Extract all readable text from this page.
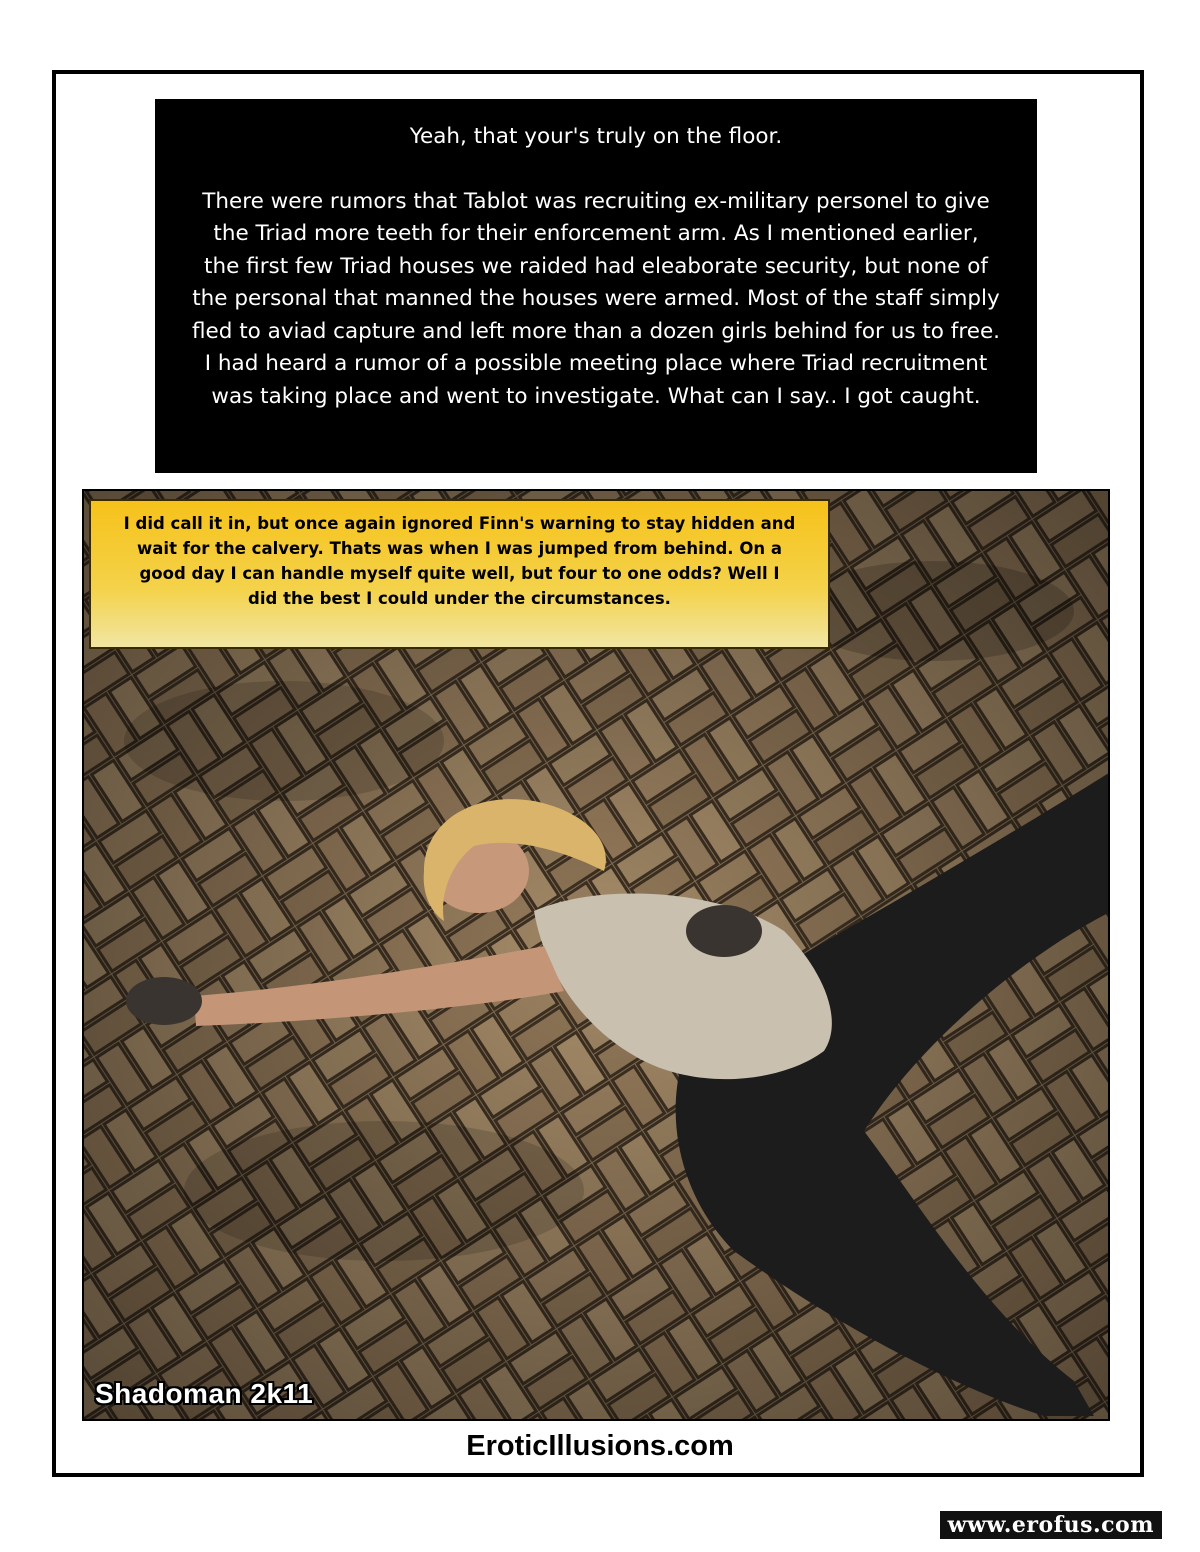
Yeah, that your's truly on the floor.

There were rumors that Tablot was recruiting ex-military personel to give

the Triad more teeth for their enforcement arm. As I mentioned earlier,

the first few Triad houses we raided had eleaborate security, but none of

the personal that manned the houses were armed. Most of the staff simply

fled to aviad capture and left more than a dozen girls behind for us to free.

I had heard a rumor of a possible meeting place where Triad recruitment

was taking place and went to investigate. What can I say.. I got caught.

I did call it in, but once again ignored Finn's warning to stay hidden and

wait for the calvery. Thats was when I was jumped from behind. On a

good day I can handle myself quite well, but four to one odds? Well I

did the best I could under the circumstances.

Shadoman 2k11
EroticIllusions.com
www.erofus.com
